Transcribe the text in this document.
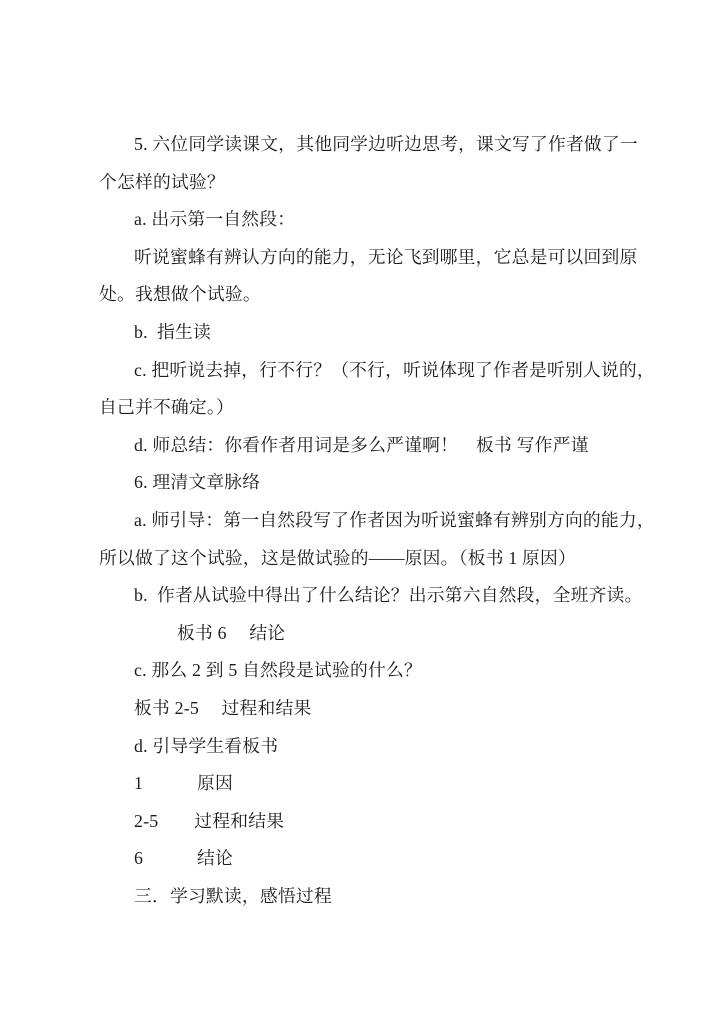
5. 六位同学读课文，其他同学边听边思考，课文写了作者做了一
个怎样的试验？
a. 出示第一自然段：
听说蜜蜂有辨认方向的能力，无论飞到哪里，它总是可以回到原
处。我想做个试验。
b.  指生读
c. 把听说去掉，行不行？（不行，听说体现了作者是听别人说的，
自己并不确定。）
d. 师总结：你看作者用词是多么严谨啊！　板书 写作严谨
6. 理清文章脉络
a. 师引导：第一自然段写了作者因为听说蜜蜂有辨别方向的能力，
所以做了这个试验，这是做试验的——原因。（板书 1 原因）
b.  作者从试验中得出了什么结论？出示第六自然段，全班齐读。
板书 6　 结论
c. 那么 2 到 5 自然段是试验的什么？
板书 2-5　 过程和结果
d. 引导学生看板书
1　　　原因
2-5　　过程和结果
6　　　结论
三．学习默读，感悟过程
